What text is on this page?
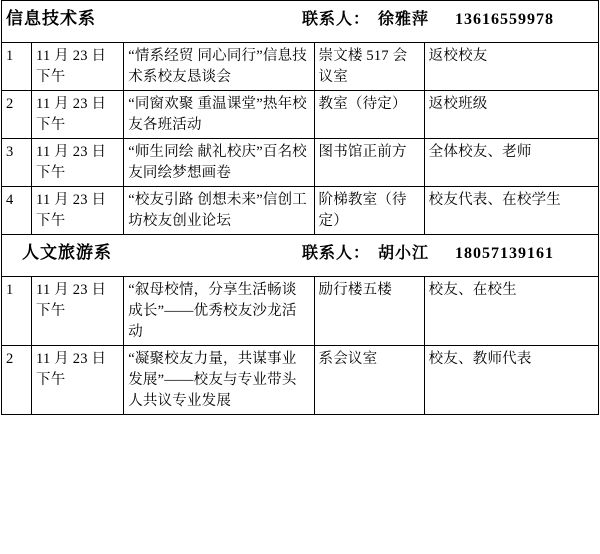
信息技术系 联系人： 徐雅萍 13616559978				

1	11 月 23 日下午	“情系经贸 同心同行”信息技术系校友恳谈会	崇文楼 517 会议室	返校校友
2	11 月 23 日下午	“同窗欢聚 重温课堂”热年校友各班活动	教室（待定）	返校班级
3	11 月 23 日下午	“师生同绘 献礼校庆”百名校友同绘梦想画卷	图书馆正前方	全体校友、老师
4	11 月 23 日下午	“校友引路 创想未来”信创工坊校友创业论坛	阶梯教室（待定）	校友代表、在校学生

人文旅游系 联系人： 胡小江 18057139161				

1	11 月 23 日下午	“叙母校情，分享生活畅谈成长”——优秀校友沙龙活动	励行楼五楼	校友、在校生
2	11 月 23 日下午	“凝聚校友力量，共谋事业发展”——校友与专业带头人共议专业发展	系会议室	校友、教师代表
